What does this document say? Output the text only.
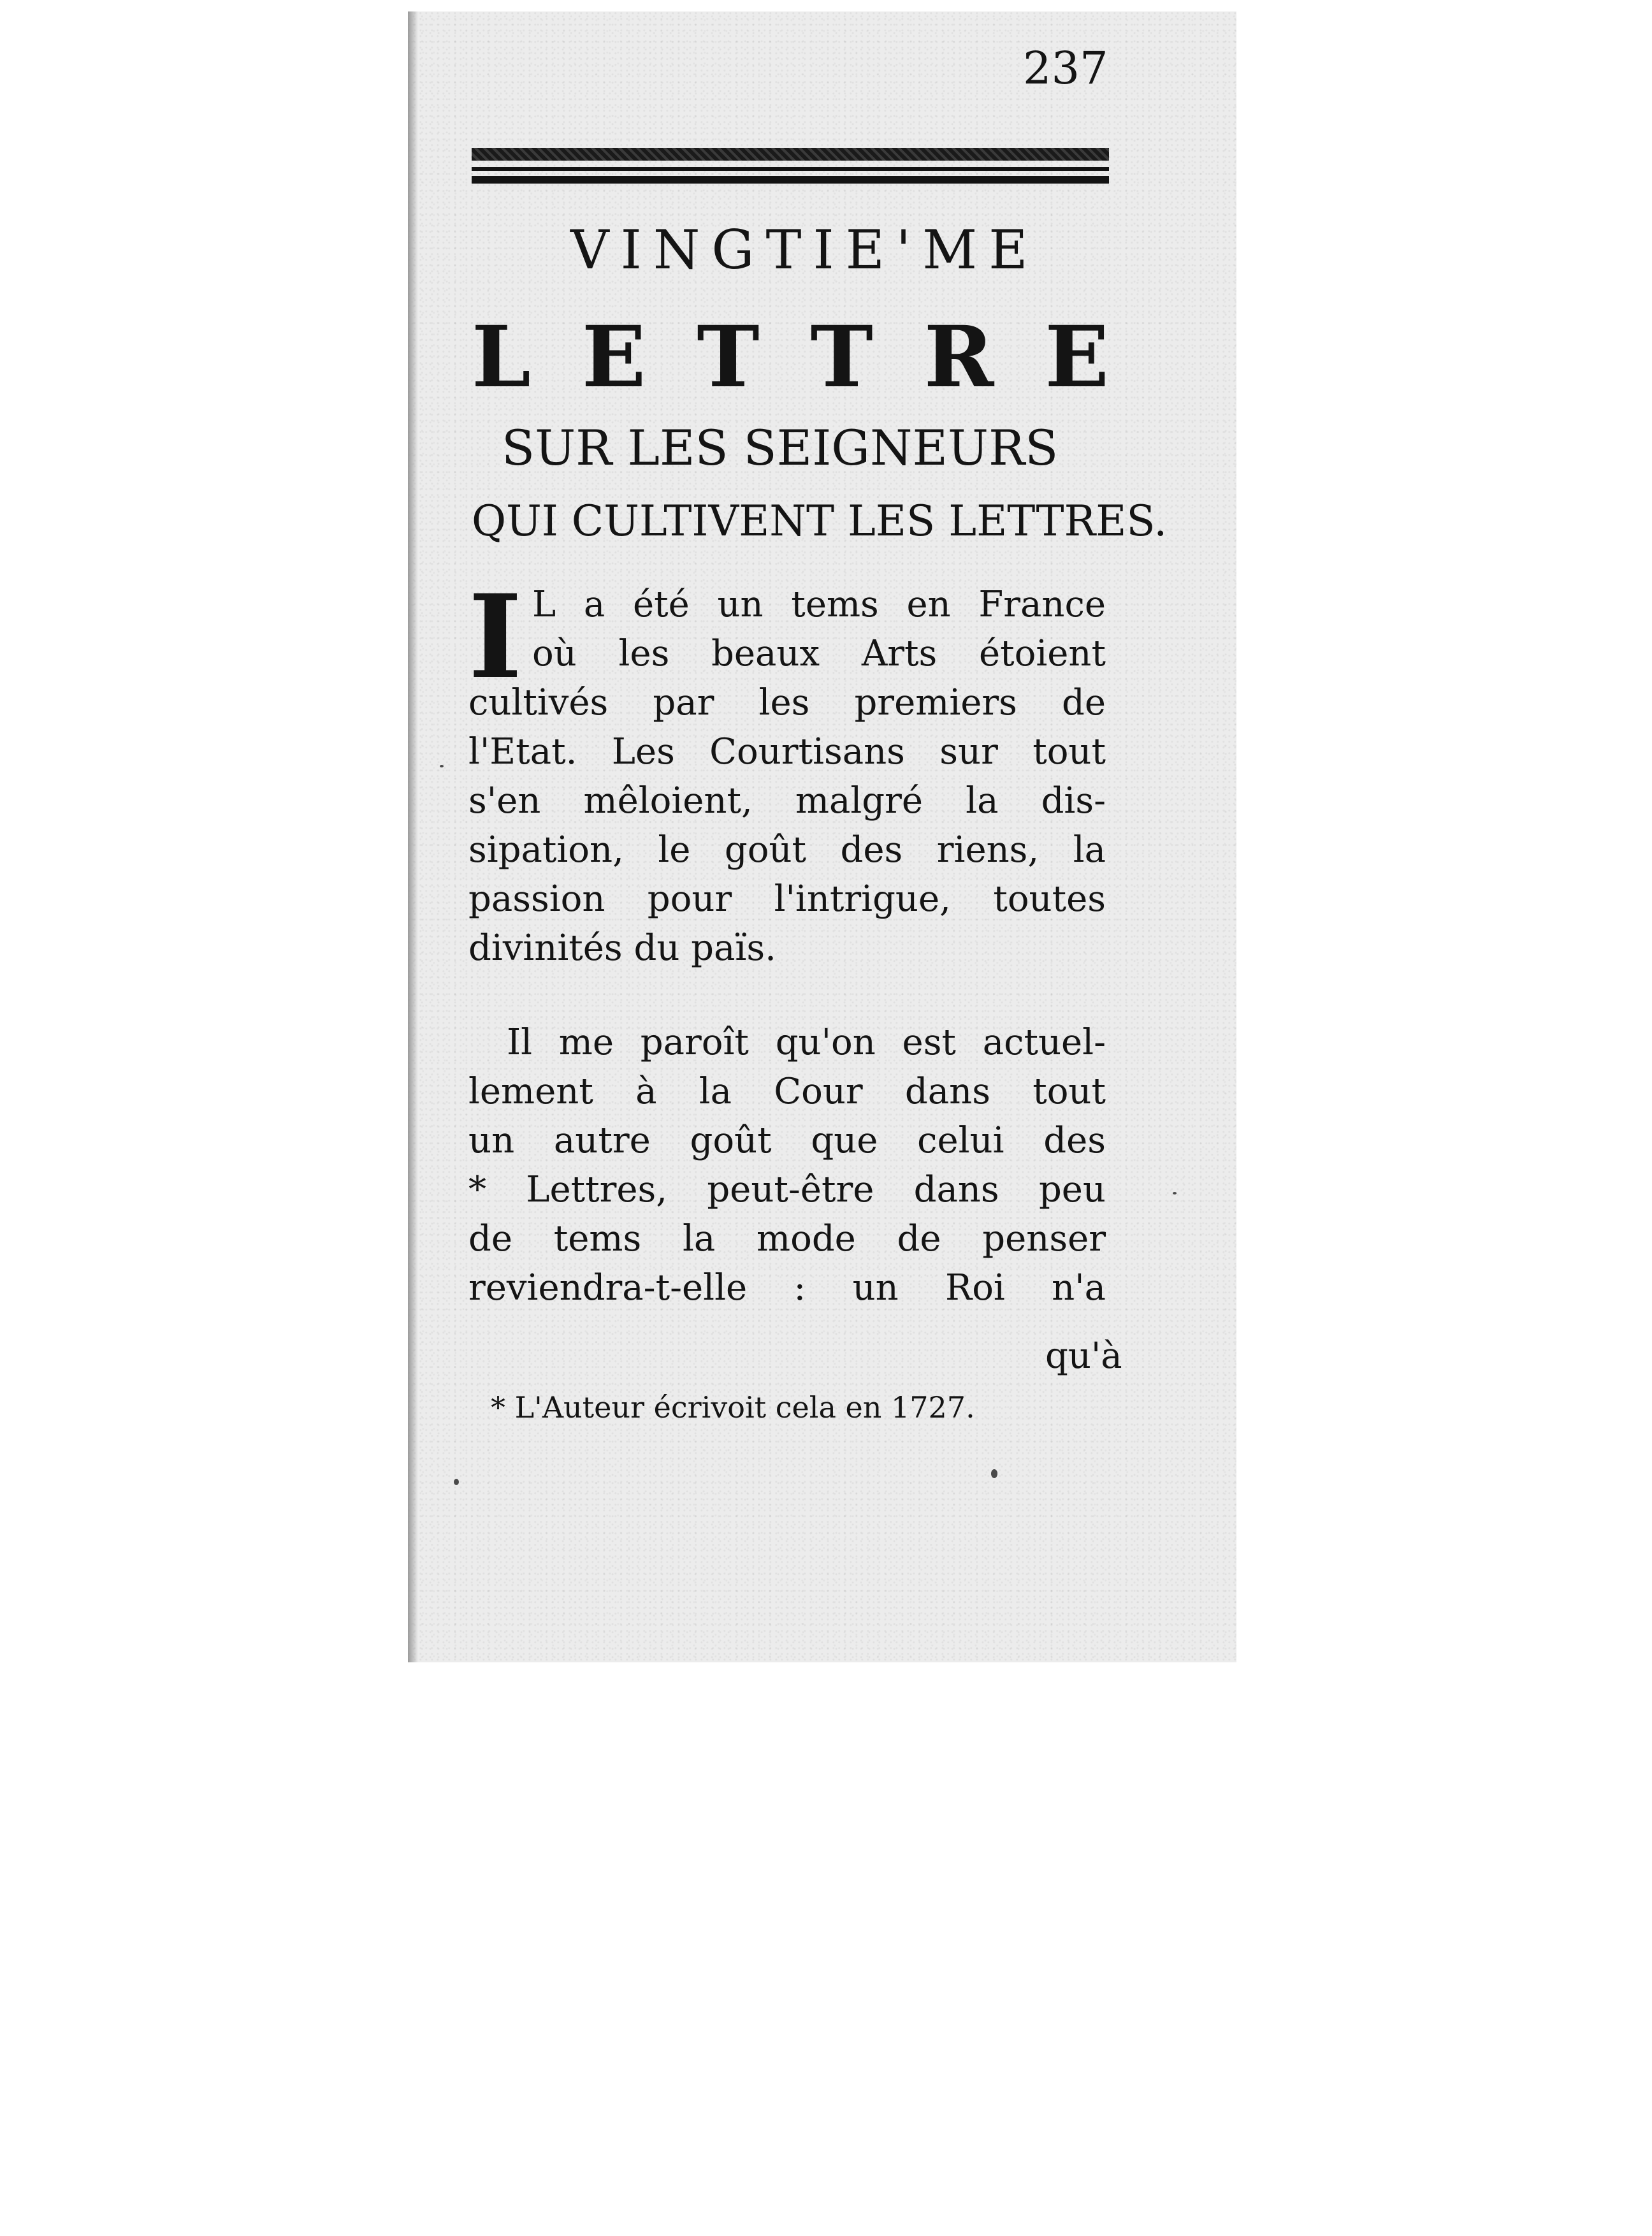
237
VINGTIE'ME
L E T T R E
SUR LES SEIGNEURS
QUI CULTIVENT LES LETTRES.
I L a été un tems en France
où les beaux Arts étoient
cultivés par les premiers de
l'Etat. Les Courtisans sur tout
s'en mêloient, malgré la dis-
sipation, le goût des riens, la
passion pour l'intrigue, toutes
divinités du païs.
Il me paroît qu'on est actuel-
lement à la Cour dans tout
un autre goût que celui des
* Lettres, peut-être dans peu
de tems la mode de penser
reviendra-t-elle : un Roi n'a
qu'à
* L'Auteur écrivoit cela en 1727.
